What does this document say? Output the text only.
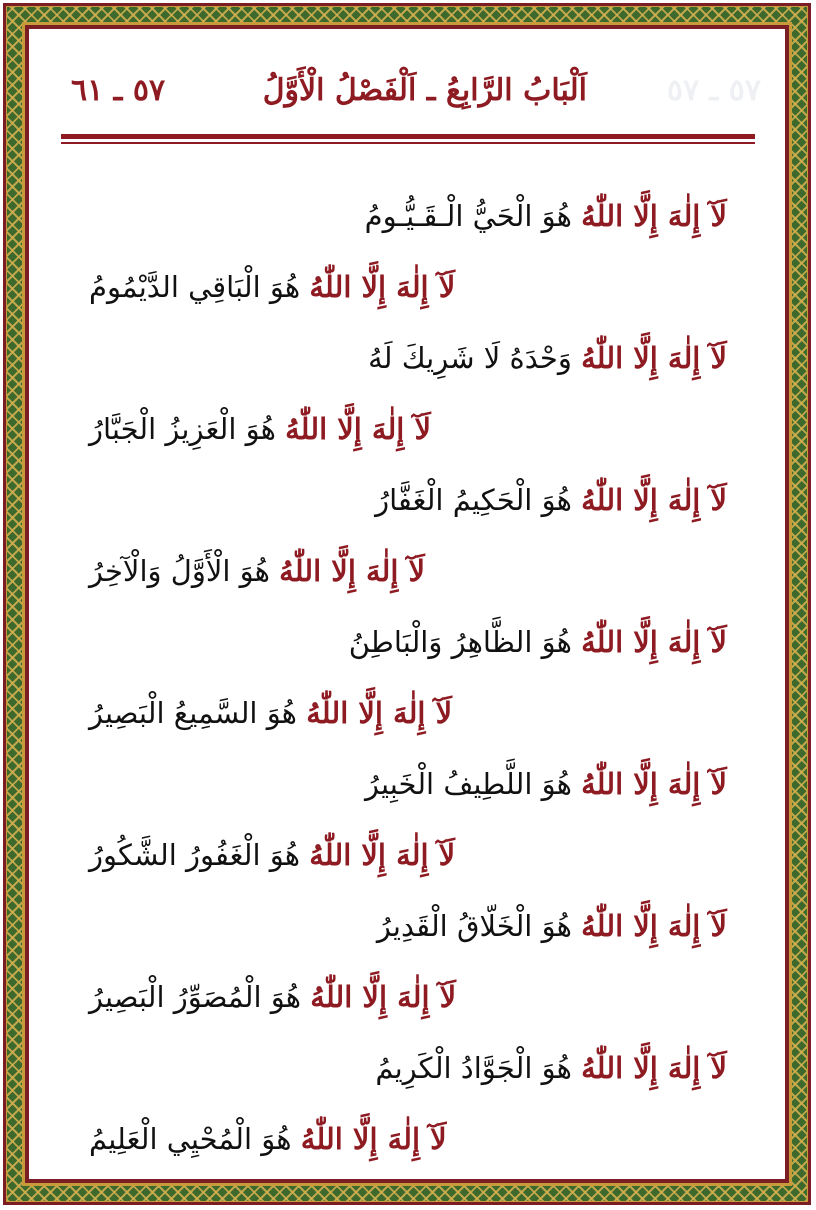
٥٧ ـ ٥٧
اَلْبَابُ الرَّابِعُ ـ اَلْفَصْلُ الْأَوَّلُ
٥٧ ـ ٦١
لَآ إِلٰهَ إِلَّا اللّٰهُ هُوَ الْحَيُّ الْـقَـيُّـومُ
لَآ إِلٰهَ إِلَّا اللّٰهُ هُوَ الْبَاقِي الدَّيْمُومُ
لَآ إِلٰهَ إِلَّا اللّٰهُ وَحْدَهُ لَا شَرِيكَ لَهُ
لَآ إِلٰهَ إِلَّا اللّٰهُ هُوَ الْعَزِيزُ الْجَبَّارُ
لَآ إِلٰهَ إِلَّا اللّٰهُ هُوَ الْحَكِيمُ الْغَفَّارُ
لَآ إِلٰهَ إِلَّا اللّٰهُ هُوَ الْأَوَّلُ وَالْآخِرُ
لَآ إِلٰهَ إِلَّا اللّٰهُ هُوَ الظَّاهِرُ وَالْبَاطِنُ
لَآ إِلٰهَ إِلَّا اللّٰهُ هُوَ السَّمِيعُ الْبَصِيرُ
لَآ إِلٰهَ إِلَّا اللّٰهُ هُوَ اللَّطِيفُ الْخَبِيرُ
لَآ إِلٰهَ إِلَّا اللّٰهُ هُوَ الْغَفُورُ الشَّكُورُ
لَآ إِلٰهَ إِلَّا اللّٰهُ هُوَ الْخَلّاقُ الْقَدِيرُ
لَآ إِلٰهَ إِلَّا اللّٰهُ هُوَ الْمُصَوِّرُ الْبَصِيرُ
لَآ إِلٰهَ إِلَّا اللّٰهُ هُوَ الْجَوَّادُ الْكَرِيمُ
لَآ إِلٰهَ إِلَّا اللّٰهُ هُوَ الْمُحْيِي الْعَلِيمُ
